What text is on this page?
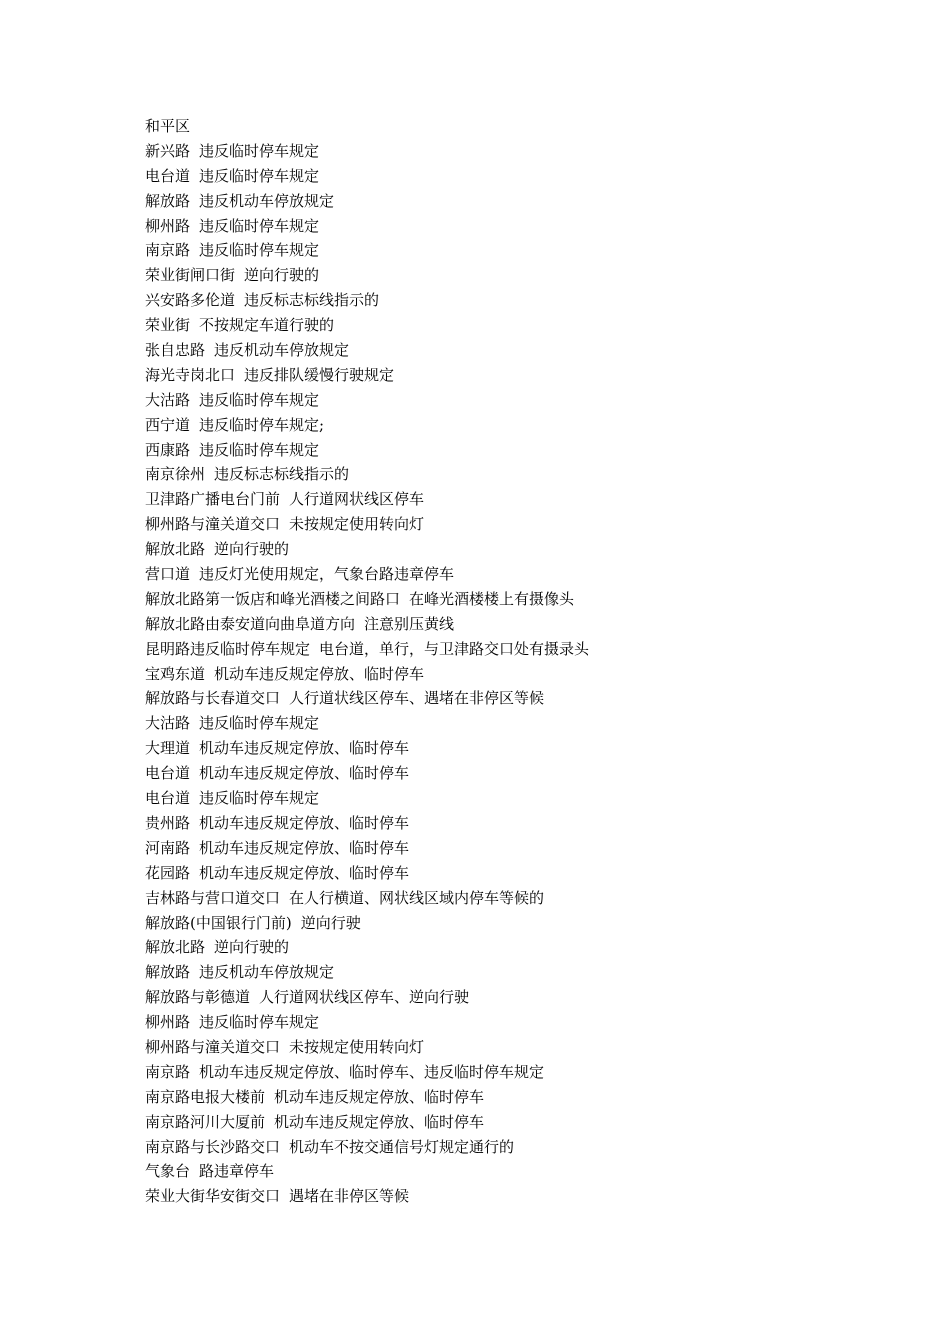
和平区
新兴路 违反临时停车规定
电台道 违反临时停车规定
解放路 违反机动车停放规定
柳州路 违反临时停车规定
南京路 违反临时停车规定
荣业街闸口街 逆向行驶的
兴安路多伦道 违反标志标线指示的
荣业街 不按规定车道行驶的
张自忠路 违反机动车停放规定
海光寺岗北口 违反排队缓慢行驶规定
大沽路 违反临时停车规定
西宁道 违反临时停车规定;
西康路 违反临时停车规定
南京徐州 违反标志标线指示的
卫津路广播电台门前 人行道网状线区停车
柳州路与潼关道交口 未按规定使用转向灯
解放北路 逆向行驶的
营口道 违反灯光使用规定，气象台路违章停车
解放北路第一饭店和峰光酒楼之间路口 在峰光酒楼楼上有摄像头
解放北路由泰安道向曲阜道方向 注意别压黄线
昆明路违反临时停车规定 电台道，单行，与卫津路交口处有摄录头
宝鸡东道 机动车违反规定停放、临时停车
解放路与长春道交口 人行道状线区停车、遇堵在非停区等候
大沽路 违反临时停车规定
大理道 机动车违反规定停放、临时停车
电台道 机动车违反规定停放、临时停车
电台道 违反临时停车规定
贵州路 机动车违反规定停放、临时停车
河南路 机动车违反规定停放、临时停车
花园路 机动车违反规定停放、临时停车
吉林路与营口道交口 在人行横道、网状线区域内停车等候的
解放路(中国银行门前) 逆向行驶
解放北路 逆向行驶的
解放路 违反机动车停放规定
解放路与彰德道 人行道网状线区停车、逆向行驶
柳州路 违反临时停车规定
柳州路与潼关道交口 未按规定使用转向灯
南京路 机动车违反规定停放、临时停车、违反临时停车规定
南京路电报大楼前 机动车违反规定停放、临时停车
南京路河川大厦前 机动车违反规定停放、临时停车
南京路与长沙路交口 机动车不按交通信号灯规定通行的
气象台 路违章停车
荣业大街华安街交口 遇堵在非停区等候
